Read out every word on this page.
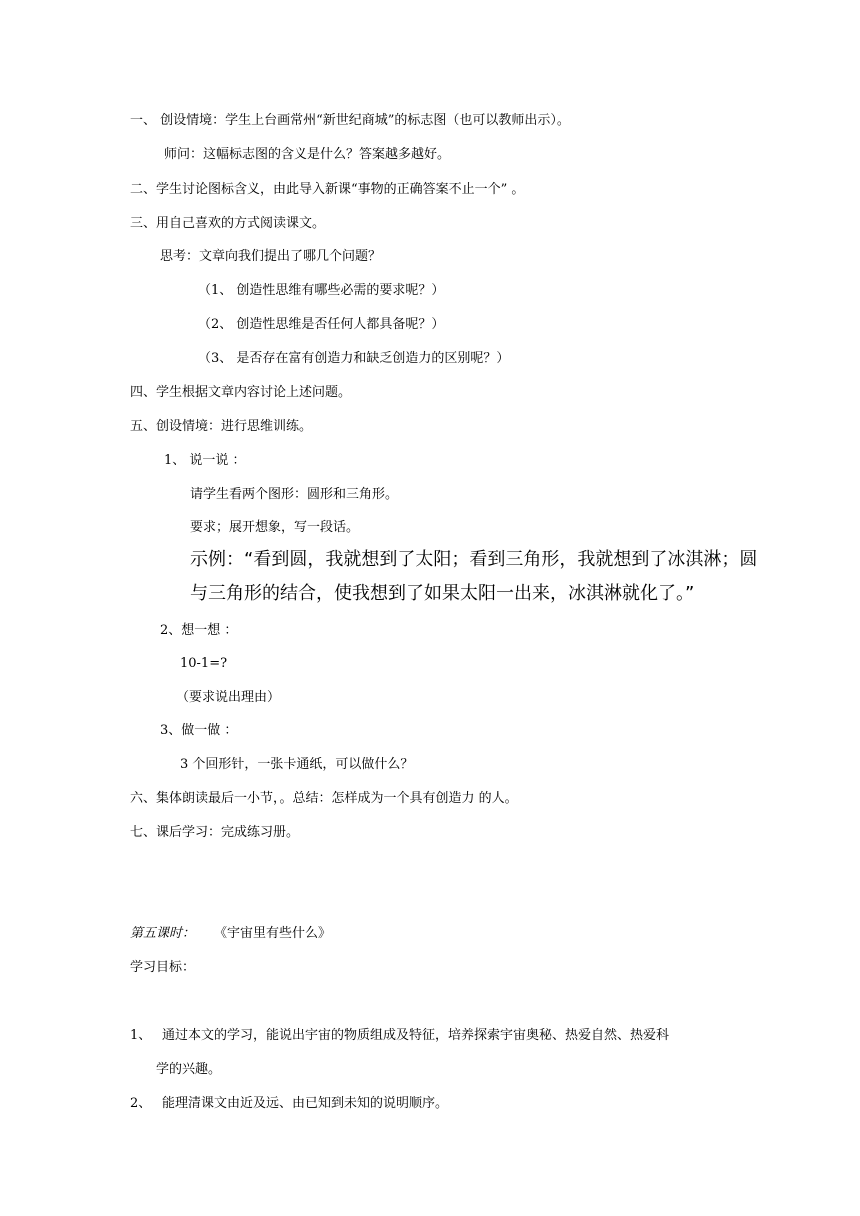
一、 创设情境：学生上台画常州“新世纪商城”的标志图（也可以教师出示）。
师问：这幅标志图的含义是什么？答案越多越好。
二、学生讨论图标含义，由此导入新课“事物的正确答案不止一个” 。
三、用自己喜欢的方式阅读课文。
思考：文章向我们提出了哪几个问题？
（1、 创造性思维有哪些必需的要求呢？）
（2、 创造性思维是否任何人都具备呢？）
（3、 是否存在富有创造力和缺乏创造力的区别呢？）
四、学生根据文章内容讨论上述问题。
五、创设情境：进行思维训练。
1、 说一说 ：
请学生看两个图形：圆形和三角形。
要求；展开想象，写一段话。
示例：“看到圆，我就想到了太阳；看到三角形，我就想到了冰淇淋；圆
与三角形的结合，使我想到了如果太阳一出来，冰淇淋就化了。”
2、想一想 ：
10-1=?
（要求说出理由）
3、做一做 ：
3 个回形针，一张卡通纸，可以做什么？
六、集体朗读最后一小节，。总结：怎样成为一个具有创造力 的人。
七、课后学习：完成练习册。
第五课时： 《宇宙里有些什么》
学习目标：
1、 通过本文的学习，能说出宇宙的物质组成及特征，培养探索宇宙奥秘、热爱自然、热爱科
学的兴趣。
2、 能理清课文由近及远、由已知到未知的说明顺序。
